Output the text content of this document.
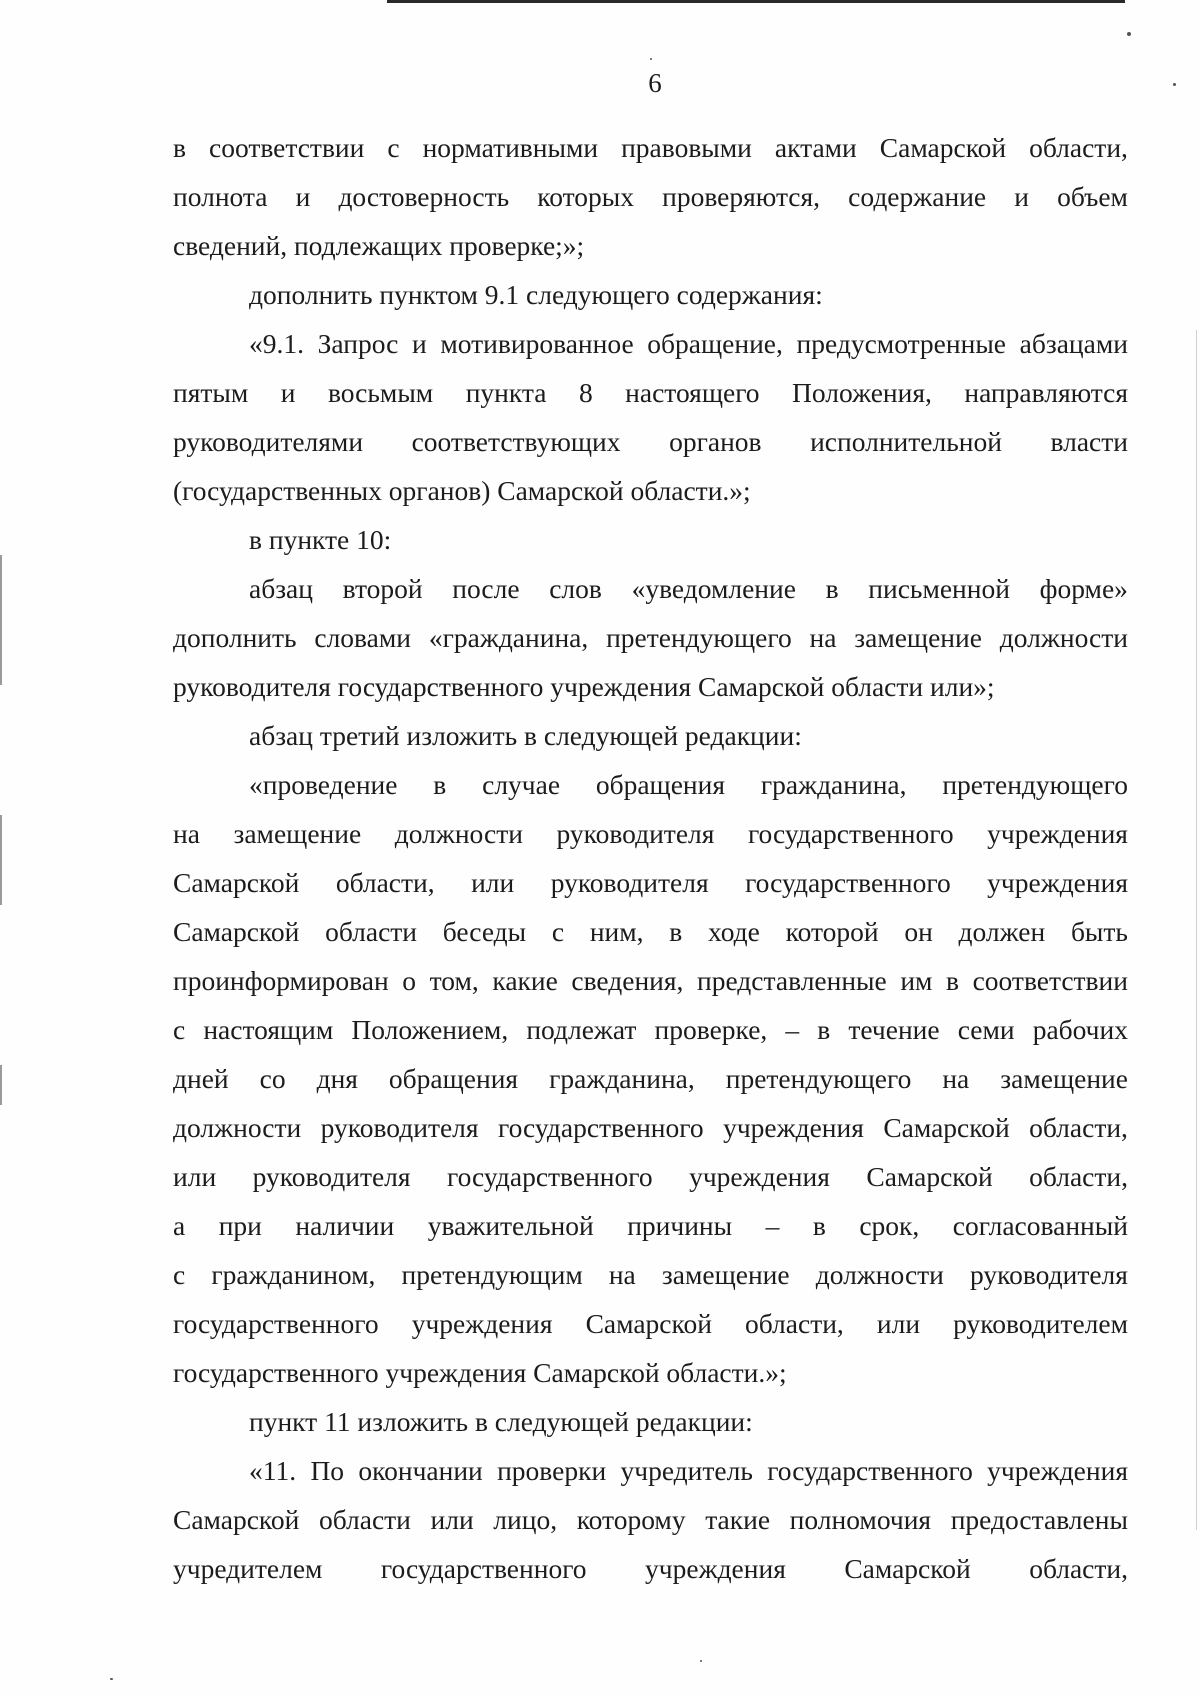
6
в соответствии с нормативными правовыми актами Самарской области,
полнота и достоверность которых проверяются, содержание и объем
сведений, подлежащих проверке;»;
дополнить пунктом 9.1 следующего содержания:
«9.1. Запрос и мотивированное обращение, предусмотренные абзацами
пятым и восьмым пункта 8 настоящего Положения, направляются
руководителями соответствующих органов исполнительной власти
(государственных органов) Самарской области.»;
в пункте 10:
абзац второй после слов «уведомление в письменной форме»
дополнить словами «гражданина, претендующего на замещение должности
руководителя государственного учреждения Самарской области или»;
абзац третий изложить в следующей редакции:
«проведение в случае обращения гражданина, претендующего
на замещение должности руководителя государственного учреждения
Самарской области, или руководителя государственного учреждения
Самарской области беседы с ним, в ходе которой он должен быть
проинформирован о том, какие сведения, представленные им в соответствии
с настоящим Положением, подлежат проверке, – в течение семи рабочих
дней со дня обращения гражданина, претендующего на замещение
должности руководителя государственного учреждения Самарской области,
или руководителя государственного учреждения Самарской области,
а при наличии уважительной причины – в срок, согласованный
с гражданином, претендующим на замещение должности руководителя
государственного учреждения Самарской области, или руководителем
государственного учреждения Самарской области.»;
пункт 11 изложить в следующей редакции:
«11. По окончании проверки учредитель государственного учреждения
Самарской области или лицо, которому такие полномочия предоставлены
учредителем государственного учреждения Самарской области,
